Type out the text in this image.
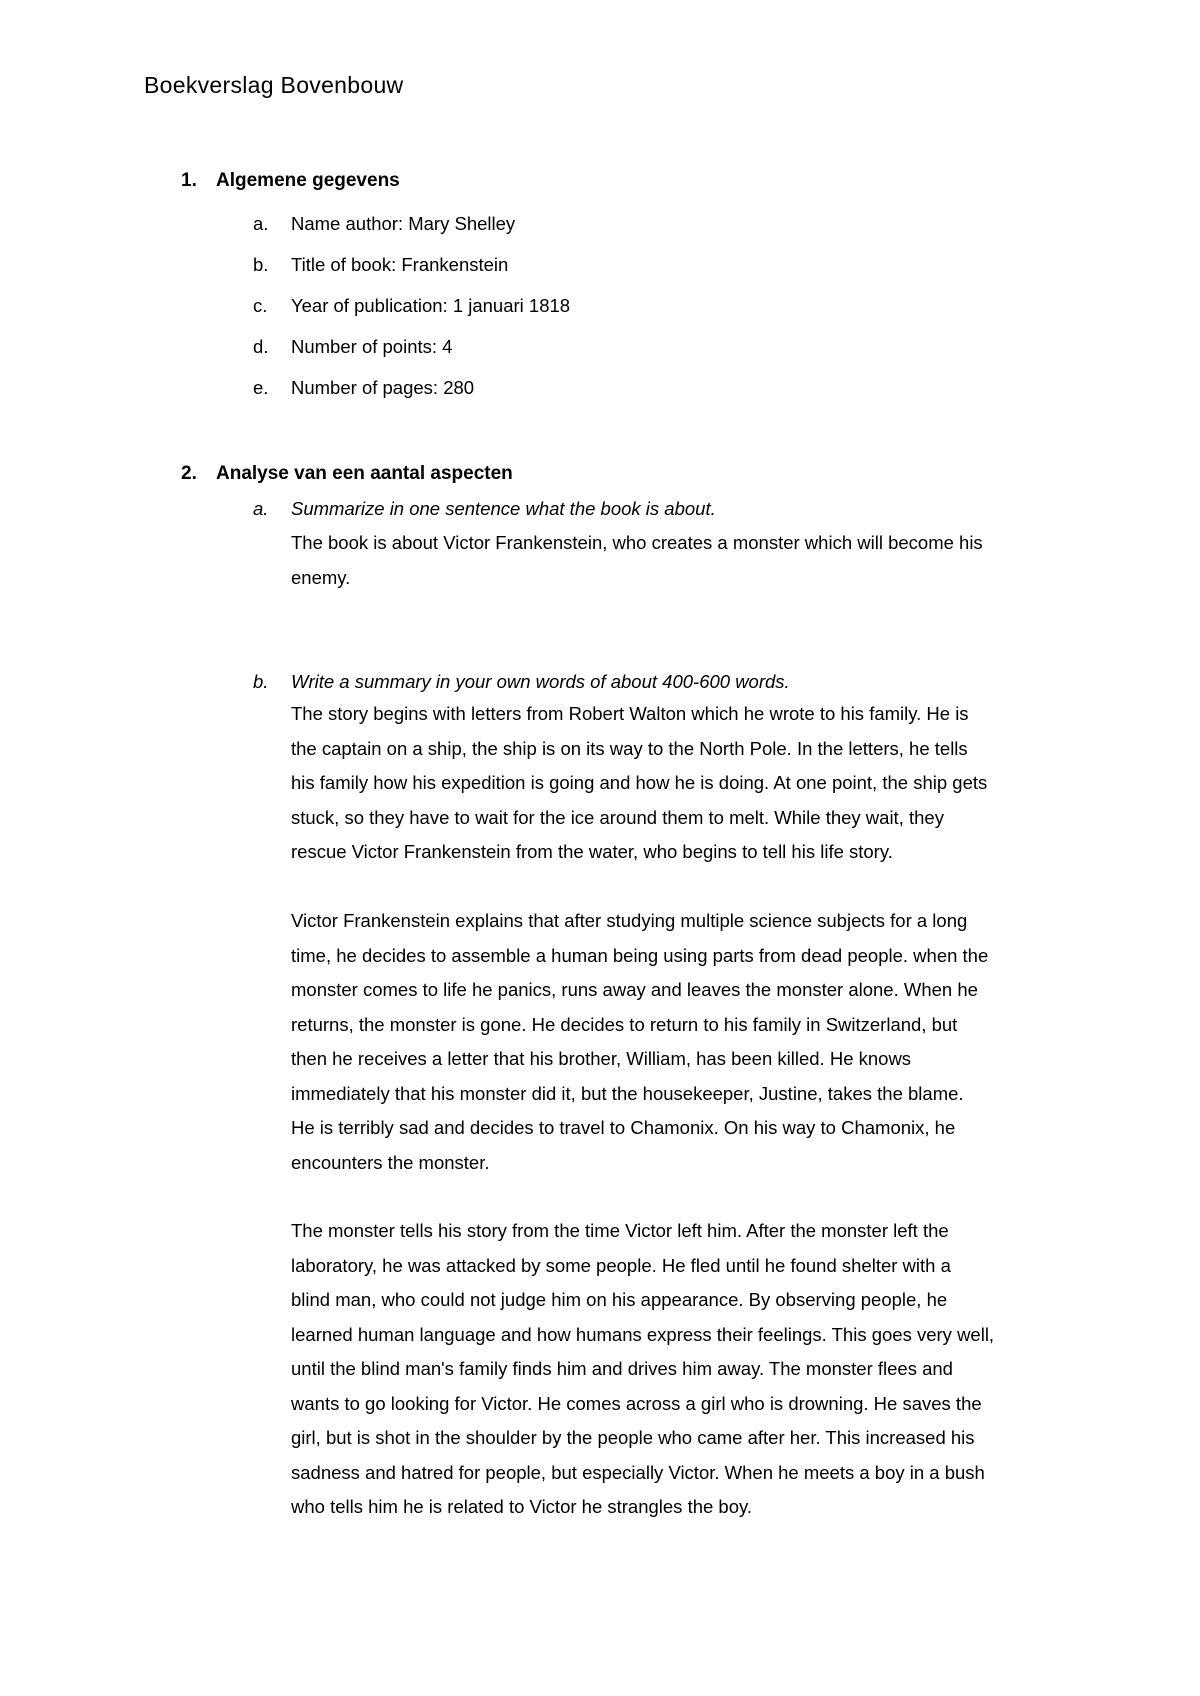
Boekverslag Bovenbouw
1.	Algemene gegevens
a.	Name author: Mary Shelley
b.	Title of book: Frankenstein
c.	Year of publication: 1 januari 1818
d.	Number of points: 4
e.	Number of pages: 280
2.	Analyse van een aantal aspecten
a.	Summarize in one sentence what the book is about.
The book is about Victor Frankenstein, who creates a monster which will become his
enemy.
b.	Write a summary in your own words of about 400-600 words.
The story begins with letters from Robert Walton which he wrote to his family. He is
the captain on a ship, the ship is on its way to the North Pole. In the letters, he tells
his family how his expedition is going and how he is doing. At one point, the ship gets
stuck, so they have to wait for the ice around them to melt. While they wait, they
rescue Victor Frankenstein from the water, who begins to tell his life story.
Victor Frankenstein explains that after studying multiple science subjects for a long
time, he decides to assemble a human being using parts from dead people. when the
monster comes to life he panics, runs away and leaves the monster alone. When he
returns, the monster is gone. He decides to return to his family in Switzerland, but
then he receives a letter that his brother, William, has been killed. He knows
immediately that his monster did it, but the housekeeper, Justine, takes the blame.
He is terribly sad and decides to travel to Chamonix. On his way to Chamonix, he
encounters the monster.
The monster tells his story from the time Victor left him. After the monster left the
laboratory, he was attacked by some people. He fled until he found shelter with a
blind man, who could not judge him on his appearance. By observing people, he
learned human language and how humans express their feelings. This goes very well,
until the blind man's family finds him and drives him away. The monster flees and
wants to go looking for Victor. He comes across a girl who is drowning. He saves the
girl, but is shot in the shoulder by the people who came after her. This increased his
sadness and hatred for people, but especially Victor. When he meets a boy in a bush
who tells him he is related to Victor he strangles the boy.
